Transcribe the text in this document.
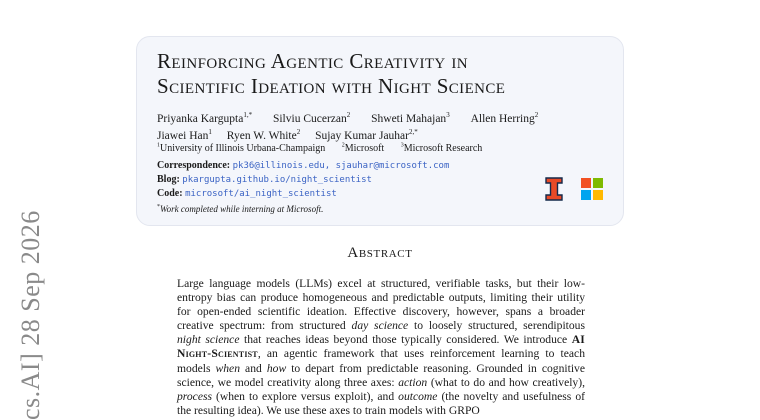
cs.AI] 28 Sep 2026
Reinforcing Agentic Creativity in
Scientific Ideation with Night Science
Priyanka Kargupta$^{1,*}$ Silviu Cucerzan$^2$ Shweti Mahajan$^3$ Allen Herring$^2$
Jiawei Han$^1$ Ryen W. White$^2$ Sujay Kumar Jauhar$^{2,*}$
$^1$University of Illinois Urbana-Champaign	$^2$Microsoft	$^3$Microsoft Research
Correspondence: pk36@illinois.edu, sjauhar@microsoft.com
Blog: pkargupta.github.io/night_scientist
Code: microsoft/ai_night_scientist
*Work completed while interning at Microsoft.
Abstract
Large language models (LLMs) excel at structured, verifiable tasks, but their low-entropy bias can produce homogeneous and predictable outputs, limiting their utility for open-ended scientific ideation. Effective discovery, however, spans a broader creative spectrum: from structured day science to loosely structured, serendipitous night science that reaches ideas beyond those typically considered. We introduce AI Night-Scientist, an agentic framework that uses reinforcement learning to teach models when and how to depart from predictable reasoning. Grounded in cognitive science, we model creativity along three axes: action (what to do and how creatively), process (when to explore versus exploit), and outcome (the novelty and usefulness of the resulting idea). We use these axes to train models with GRPO
